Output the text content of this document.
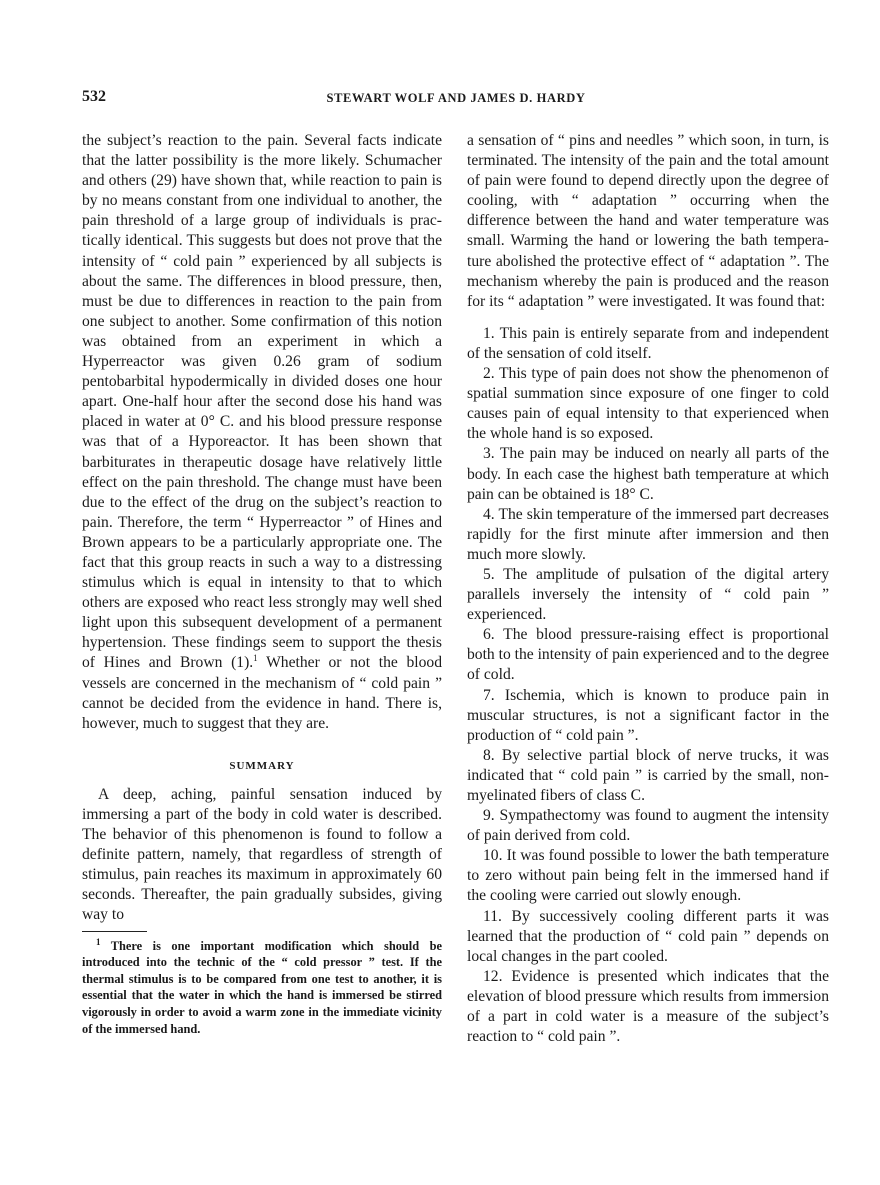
532	STEWART WOLF AND JAMES D. HARDY

the subject’s reaction to the pain. Several facts indicate that the latter possibility is the more likely. Schumacher and others (29) have shown that, while reaction to pain is by no means constant from one individual to another, the pain threshold of a large group of individuals is practically identical. This suggests but does not prove that the intensity of “ cold pain ” experienced by all subjects is about the same. The differences in blood pressure, then, must be due to differences in reaction to the pain from one subject to another. Some confirmation of this notion was obtained from an experiment in which a Hyperreactor was given 0.26 gram of sodium pentobarbital hypodermically in divided doses one hour apart. One-half hour after the second dose his hand was placed in water at 0° C. and his blood pressure response was that of a Hyporeactor. It has been shown that barbiturates in therapeutic dosage have relatively little effect on the pain threshold. The change must have been due to the effect of the drug on the subject’s reaction to pain. Therefore, the term “ Hyperreactor ” of Hines and Brown appears to be a particularly appropriate one. The fact that this group reacts in such a way to a distressing stimulus which is equal in intensity to that to which others are exposed who react less strongly may well shed light upon this subsequent development of a permanent hypertension. These findings seem to support the thesis of Hines and Brown (1).$^1$ Whether or not the blood vessels are concerned in the mechanism of “ cold pain ” cannot be decided from the evidence in hand. There is, however, much to suggest that they are.

SUMMARY

A deep, aching, painful sensation induced by immersing a part of the body in cold water is described. The behavior of this phenomenon is found to follow a definite pattern, namely, that regardless of strength of stimulus, pain reaches its maximum in approximately 60 seconds. Thereafter, the pain gradually subsides, giving way to

$^1$ There is one important modification which should be introduced into the technic of the “ cold pressor ” test. If the thermal stimulus is to be compared from one test to another, it is essential that the water in which the hand is immersed be stirred vigorously in order to avoid a warm zone in the immediate vicinity of the immersed hand.

a sensation of “ pins and needles ” which soon, in turn, is terminated. The intensity of the pain and the total amount of pain were found to depend directly upon the degree of cooling, with “ adaptation ” occurring when the difference between the hand and water temperature was small. Warming the hand or lowering the bath temperature abolished the protective effect of “ adaptation ”. The mechanism whereby the pain is produced and the reason for its “ adaptation ” were investigated. It was found that:

1. This pain is entirely separate from and independent of the sensation of cold itself.

2. This type of pain does not show the phenomenon of spatial summation since exposure of one finger to cold causes pain of equal intensity to that experienced when the whole hand is so exposed.

3. The pain may be induced on nearly all parts of the body. In each case the highest bath temperature at which pain can be obtained is 18° C.

4. The skin temperature of the immersed part decreases rapidly for the first minute after immersion and then much more slowly.

5. The amplitude of pulsation of the digital artery parallels inversely the intensity of “ cold pain ” experienced.

6. The blood pressure-raising effect is proportional both to the intensity of pain experienced and to the degree of cold.

7. Ischemia, which is known to produce pain in muscular structures, is not a significant factor in the production of “ cold pain ”.

8. By selective partial block of nerve trucks, it was indicated that “ cold pain ” is carried by the small, non-myelinated fibers of class C.

9. Sympathectomy was found to augment the intensity of pain derived from cold.

10. It was found possible to lower the bath temperature to zero without pain being felt in the immersed hand if the cooling were carried out slowly enough.

11. By successively cooling different parts it was learned that the production of “ cold pain ” depends on local changes in the part cooled.

12. Evidence is presented which indicates that the elevation of blood pressure which results from immersion of a part in cold water is a measure of the subject’s reaction to “ cold pain ”.
